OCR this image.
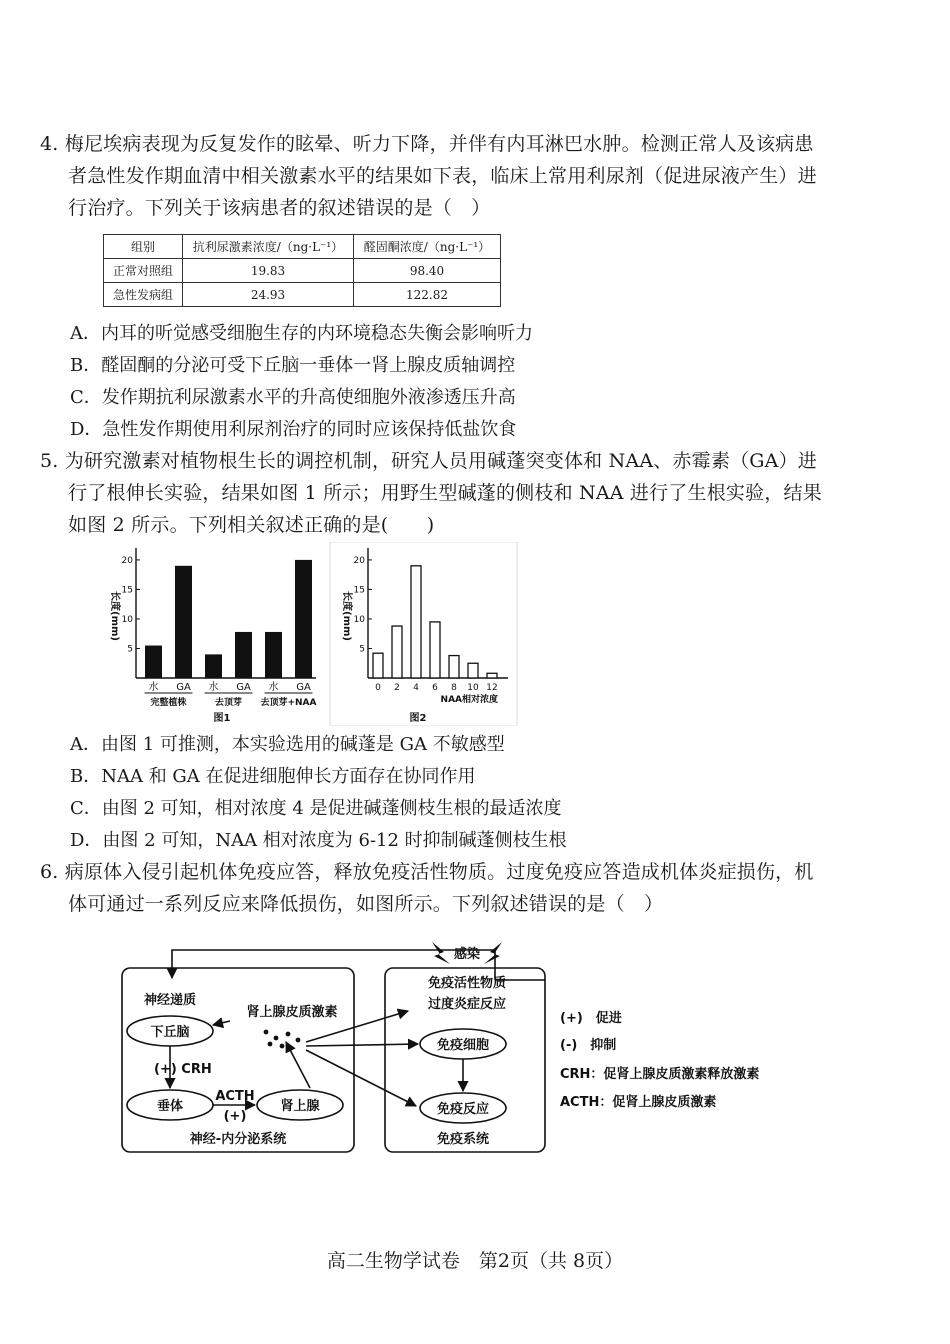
4. 梅尼埃病表现为反复发作的眩晕、听力下降，并伴有内耳淋巴水肿。检测正常人及该病患
者急性发作期血清中相关激素水平的结果如下表，临床上常用利尿剂（促进尿液产生）进
行治疗。下列关于该病患者的叙述错误的是（　）
组别	抗利尿激素浓度/（ng·L⁻¹）	醛固酮浓度/（ng·L⁻¹）
正常对照组	19.83	98.40
急性发病组	24.93	122.82
A．内耳的听觉感受细胞生存的内环境稳态失衡会影响听力
B．醛固酮的分泌可受下丘脑一垂体一肾上腺皮质轴调控
C．发作期抗利尿激素水平的升高使细胞外液渗透压升高
D．急性发作期使用利尿剂治疗的同时应该保持低盐饮食
5. 为研究激素对植物根生长的调控机制，研究人员用碱蓬突变体和 NAA、赤霉素（GA）进
行了根伸长实验，结果如图 1 所示；用野生型碱蓬的侧枝和 NAA 进行了生根实验，结果
如图 2 所示。下列相关叙述正确的是(　　)
5
10
15
20
长度(mm)
水 GA 水 GA 水 GA
完整植株	去顶芽 去顶芽+NAA
图1
5
10
15
20
长度(mm)
0 2 4 6 8 10 12
NAA相对浓度
图2
A．由图 1 可推测，本实验选用的碱蓬是 GA 不敏感型
B．NAA 和 GA 在促进细胞伸长方面存在协同作用
C．由图 2 可知，相对浓度 4 是促进碱蓬侧枝生根的最适浓度
D．由图 2 可知，NAA 相对浓度为 6-12 时抑制碱蓬侧枝生根
6. 病原体入侵引起机体免疫应答，释放免疫活性物质。过度免疫应答造成机体炎症损伤，机
体可通过一系列反应来降低损伤，如图所示。下列叙述错误的是（　）
感染
免疫活性物质
过度炎症反应
免疫细胞
免疫反应
免疫系统
神经递质
肾上腺皮质激素
下丘脑
(+) CRH
垂体
ACTH
(+)
肾上腺
神经-内分泌系统
(+)　促进
(-)　抑制
CRH：促肾上腺皮质激素释放激素
ACTH：促肾上腺皮质激素
高二生物学试卷　第2页（共 8页）
